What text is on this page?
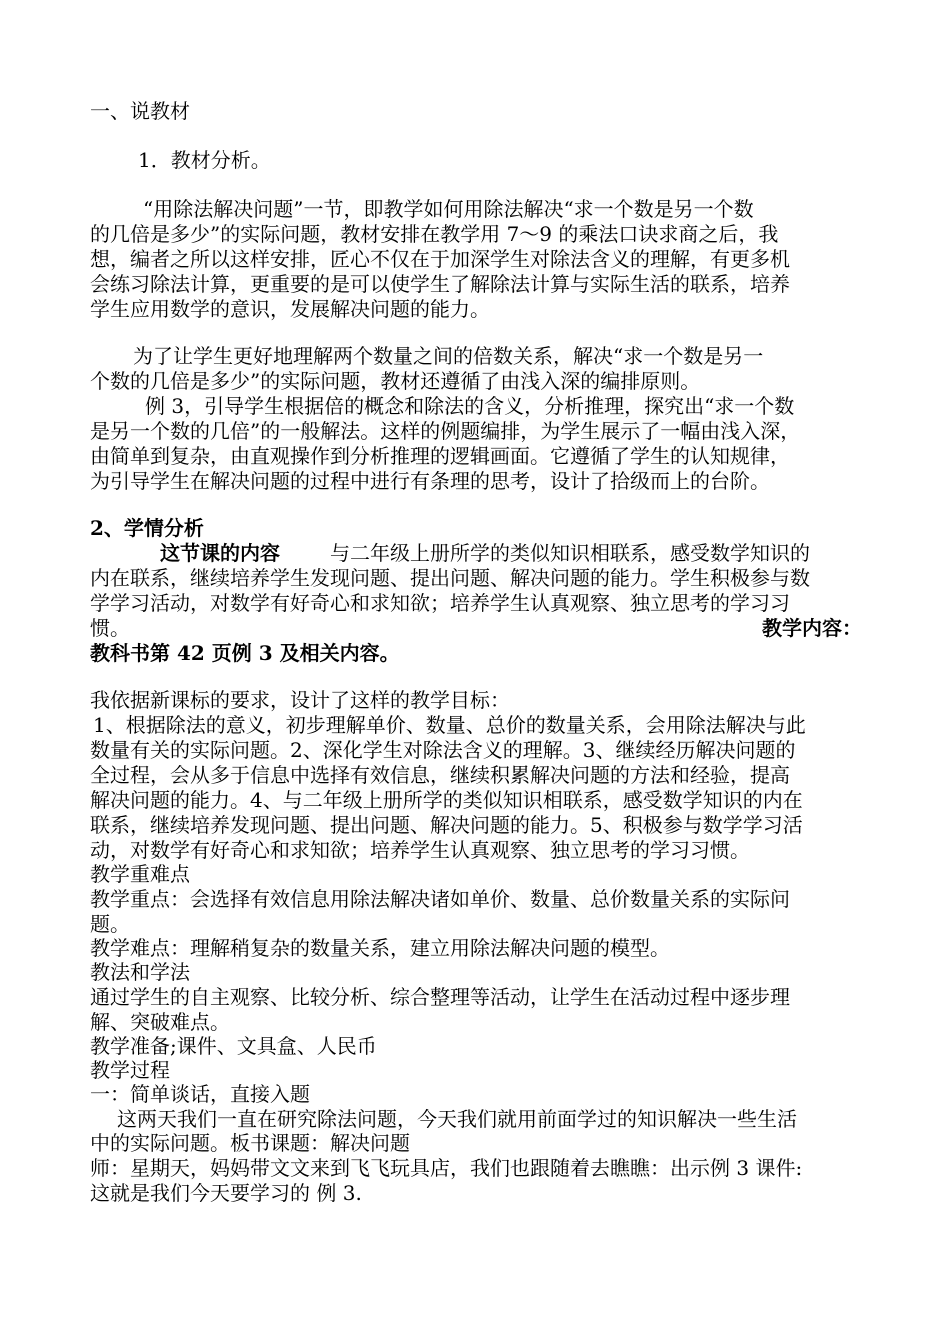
一、说教材
1．教材分析。
“用除法解决问题”一节，即教学如何用除法解决“求一个数是另一个数
的几倍是多少”的实际问题，教材安排在教学用 7～9 的乘法口诀求商之后，我
想，编者之所以这样安排，匠心不仅在于加深学生对除法含义的理解，有更多机
会练习除法计算，更重要的是可以使学生了解除法计算与实际生活的联系，培养
学生应用数学的意识，发展解决问题的能力。
为了让学生更好地理解两个数量之间的倍数关系，解决“求一个数是另一
个数的几倍是多少”的实际问题，教材还遵循了由浅入深的编排原则。
例 3，引导学生根据倍的概念和除法的含义，分析推理，探究出“求一个数
是另一个数的几倍”的一般解法。这样的例题编排，为学生展示了一幅由浅入深，
由简单到复杂，由直观操作到分析推理的逻辑画面。它遵循了学生的认知规律，
为引导学生在解决问题的过程中进行有条理的思考，设计了拾级而上的台阶。
2、学情分析
这节课的内容	与二年级上册所学的类似知识相联系，感受数学知识的
内在联系，继续培养学生发现问题、提出问题、解决问题的能力。学生积极参与数
学学习活动，对数学有好奇心和求知欲；培养学生认真观察、独立思考的学习习
惯。	教学内容：
教科书第 42 页例 3 及相关内容。
我依据新课标的要求，设计了这样的教学目标：
1、根据除法的意义，初步理解单价、数量、总价的数量关系，会用除法解决与此
数量有关的实际问题。2、深化学生对除法含义的理解。3、继续经历解决问题的
全过程，会从多于信息中选择有效信息，继续积累解决问题的方法和经验，提高
解决问题的能力。4、与二年级上册所学的类似知识相联系，感受数学知识的内在
联系，继续培养发现问题、提出问题、解决问题的能力。5、积极参与数学学习活
动，对数学有好奇心和求知欲；培养学生认真观察、独立思考的学习习惯。
教学重难点
教学重点：会选择有效信息用除法解决诸如单价、数量、总价数量关系的实际问
题。
教学难点：理解稍复杂的数量关系，建立用除法解决问题的模型。
教法和学法
通过学生的自主观察、比较分析、综合整理等活动，让学生在活动过程中逐步理
解、突破难点。
教学准备;课件、文具盒、人民币
教学过程
一：简单谈话，直接入题
这两天我们一直在研究除法问题，今天我们就用前面学过的知识解决一些生活
中的实际问题。板书课题：解决问题
师：星期天，妈妈带文文来到飞飞玩具店，我们也跟随着去瞧瞧：出示例 3 课件:
这就是我们今天要学习的 例 3.
